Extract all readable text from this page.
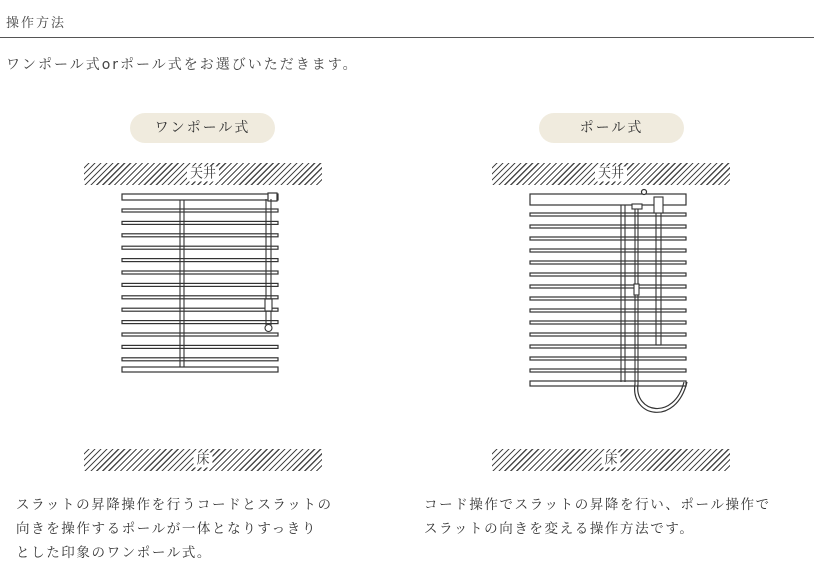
操作方法
ワンポール式orポール式をお選びいただきます。
ワンポール式
天井
床
スラットの昇降操作を行うコードとスラットの
向きを操作するポールが一体となりすっきり
とした印象のワンポール式。
ポール式
天井
床
コード操作でスラットの昇降を行い、ポール操作で
スラットの向きを変える操作方法です。
